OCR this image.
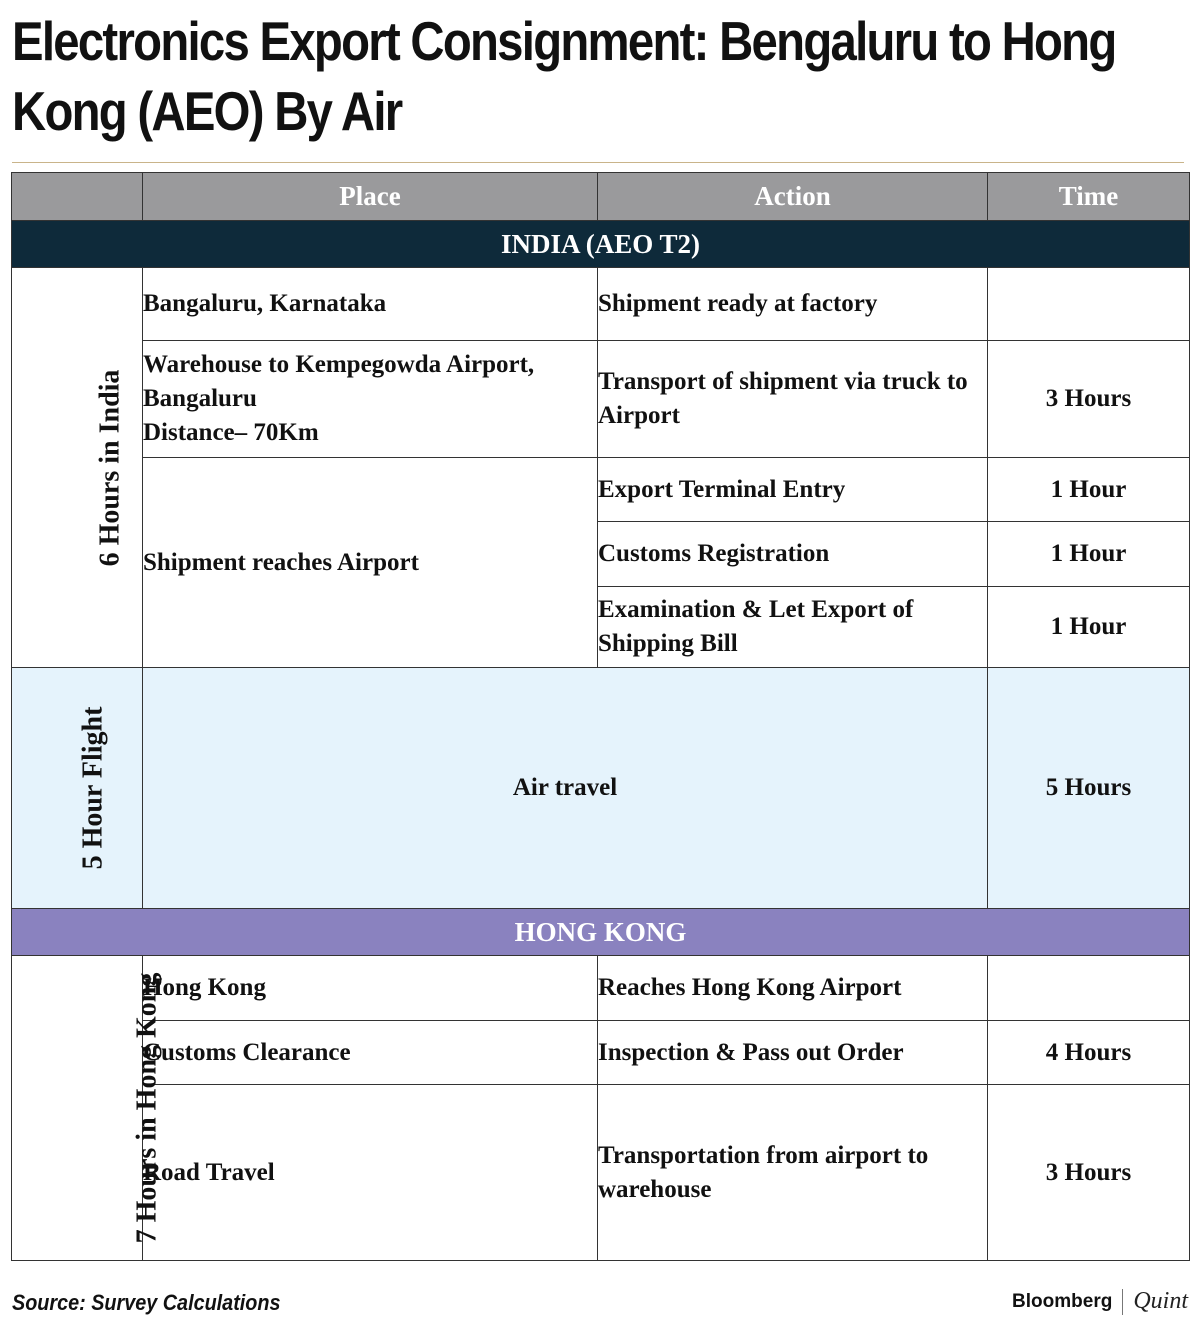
Electronics Export Consignment: Bengaluru to Hong Kong (AEO) By Air
	Place	Action	Time
INDIA (AEO T2)			
6 Hours in India	Bangaluru, Karnataka	Shipment ready at factory	

	Warehouse to Kempegowda Airport,
Bangaluru
Distance– 70Km	Transport of shipment via truck to Airport	3 Hours
	Shipment reaches Airport	Export Terminal Entry	1 Hour
		Customs Registration	1 Hour
		Examination & Let Export of Shipping Bill	1 Hour
5 Hour Flight	Air travel		5 Hours
HONG KONG			
7 Hours in Hong Kong	Hong Kong	Reaches Hong Kong Airport	
	Customs Clearance	Inspection & Pass out Order	4 Hours
	Road Travel	Transportation from airport to warehouse	3 Hours
Source: Survey Calculations	Bloomberg Quint
